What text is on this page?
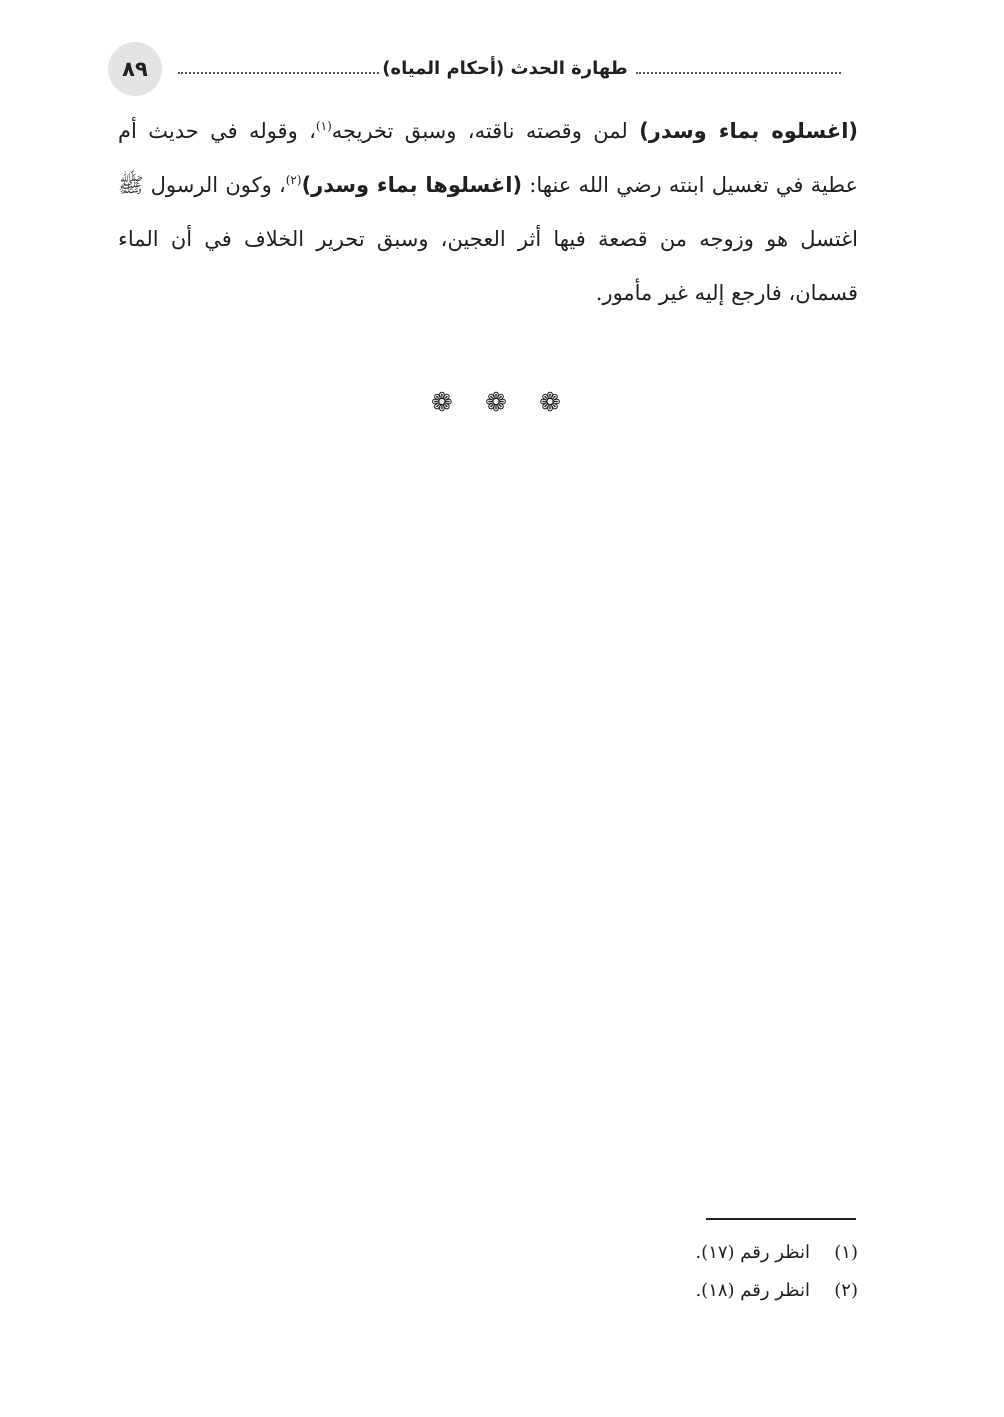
٨٩	طهارة الحدث (أحكام المياه)
(اغسلوه بماء وسدر) لمن وقصته ناقته، وسبق تخريجه$^{(١)}$، وقوله في حديث أم عطية في تغسيل ابنته رضي الله عنها: (اغسلوها بماء وسدر)$^{(٢)}$، وكون الرسول ﷺ اغتسل هو وزوجه من قصعة فيها أثر العجين، وسبق تحرير الخلاف في أن الماء قسمان، فارجع إليه غير مأمور.
❁ ❁ ❁
(١)انظر رقم (١٧).
(٢)انظر رقم (١٨).
